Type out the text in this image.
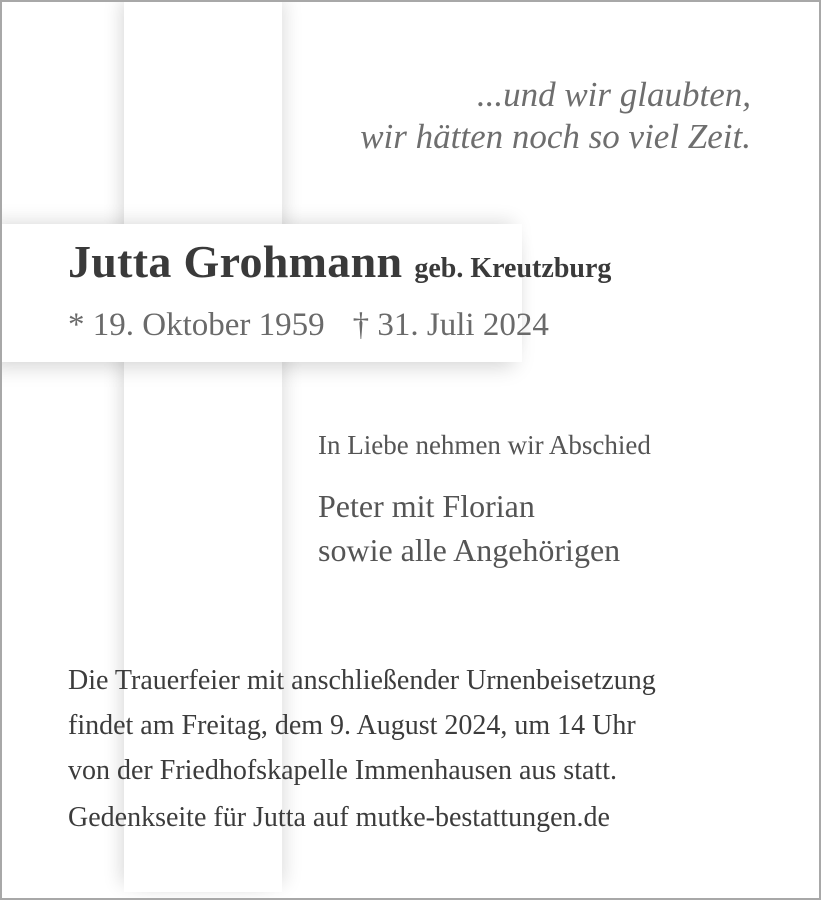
...und wir glaubten,
wir hätten noch so viel Zeit.
Jutta Grohmann geb. Kreutzburg
* 19. Oktober 1959 † 31. Juli 2024
In Liebe nehmen wir Abschied
Peter mit Florian
sowie alle Angehörigen
Die Trauerfeier mit anschließender Urnenbeisetzung
findet am Freitag, dem 9. August 2024, um 14 Uhr
von der Friedhofskapelle Immenhausen aus statt.
Gedenkseite für Jutta auf mutke-bestattungen.de
